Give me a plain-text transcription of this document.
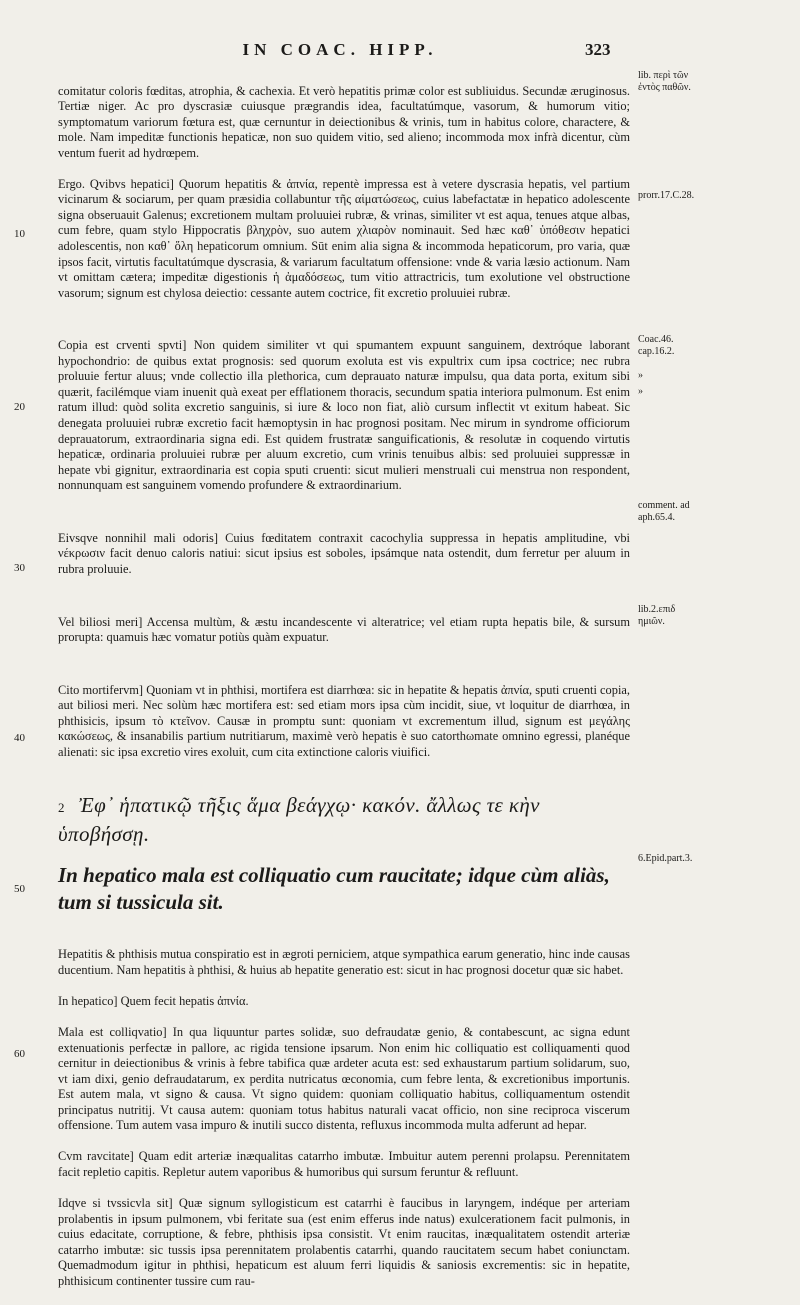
IN COAC. HIPP.	323
10
20
30
40
50
60
lib. περὶ τῶν
ἐντὸς παθῶν.
prorr.17.C.28.
Coac.46.
cap.16.2.
»
»
comment. ad
aph.65.4.
lib.2.επιδ
ημιῶν.
6.Epid.part.3.

comitatur coloris fœditas, atrophia, & cachexia. Et verò hepatitis primæ color est subliuidus. Secundæ æruginosus. Tertiæ niger. Ac pro dyscrasiæ cuiusque prægrandis idea, facultatúmque, vasorum, & humorum vitio; symptomatum variorum fœtura est, quæ cernuntur in deiectionibus & vrinis, tum in habitus colore, charactere, & mole. Nam impeditæ functionis hepaticæ, non suo quidem vitio, sed alieno; incommoda mox infrà dicentur, cùm ventum fuerit ad hydrœpem.

Ergo. Qvibvs hepatici] Quorum hepatitis & ἀπνία, repentè impressa est à vetere dyscrasia hepatis, vel partium vicinarum & sociarum, per quam præsidia collabuntur τῆς αἱματώσεως, cuius labefactatæ in hepatico adolescente signa obseruauit Galenus; excretionem multam proluuiei rubræ, & vrinas, similiter vt est aqua, tenues atque albas, cum febre, quam stylo Hippocratis βληχρὸν, suo autem χλιαρὸν nominauit. Sed hæc καθ᾽ ὑπόθεσιν hepatici adolescentis, non καθ᾽ ὅλη hepaticorum omnium. Sūt enim alia signa & incommoda hepaticorum, pro varia, quæ ipsos facit, virtutis facultatúmque dyscrasia, & variarum facultatum offensione: vnde & varia læsio actionum. Nam vt omittam cætera; impeditæ digestionis ἡ ἀμαδόσεως, tum vitio attractricis, tum exolutione vel obstructione vasorum; signum est chylosa deiectio: cessante autem coctrice, fit excretio proluuiei rubræ.

Copia est crventi spvti] Non quidem similiter vt qui spumantem expuunt sanguinem, dextróque laborant hypochondrio: de quibus extat prognosis: sed quorum exoluta est vis expultrix cum ipsa coctrice; nec rubra proluuie fertur aluus; vnde collectio illa plethorica, cum deprauato naturæ impulsu, qua data porta, exitum sibi quærit, facilémque viam inuenit quà exeat per efflationem thoracis, secundum spatia interiora pulmonum. Est enim ratum illud: quòd solita excretio sanguinis, si iure & loco non fiat, aliò cursum inflectit vt exitum habeat. Sic denegata proluuiei rubræ excretio facit hæmoptysin in hac prognosi positam. Nec mirum in syndrome officiorum deprauatorum, extraordinaria signa edi. Est quidem frustratæ sanguificationis, & resolutæ in coquendo virtutis hepaticæ, ordinaria proluuiei rubræ per aluum excretio, cum vrinis tenuibus albis: sed proluuiei suppressæ in hepate vbi gignitur, extraordinaria est copia sputi cruenti: sicut mulieri menstruali cui menstrua non respondent, nonnunquam est sanguinem vomendo profundere & extraordinarium.

Eivsqve nonnihil mali odoris] Cuius fœditatem contraxit cacochylia suppressa in hepatis amplitudine, vbi νέκρωσιν facit denuo caloris natiui: sicut ipsius est soboles, ipsámque nata ostendit, dum ferretur per aluum in rubra proluuie.

Vel biliosi meri] Accensa multùm, & æstu incandescente vi alteratrice; vel etiam rupta hepatis bile, & sursum prorupta: quamuis hæc vomatur potiùs quàm expuatur.

Cito mortifervm] Quoniam vt in phthisi, mortifera est diarrhœa: sic in hepatite & hepatis ἀπνία, sputi cruenti copia, aut biliosi meri. Nec solùm hæc mortifera est: sed etiam mors ipsa cùm incidit, siue, vt loquitur de diarrhœa, in phthisicis, ipsum τὸ κτεῖνον. Causæ in promptu sunt: quoniam vt excrementum illud, signum est μεγάλης κακώσεως, & insanabilis partium nutritiarum, maximè verò hepatis è suo catorthωmate omnino egressi, planéque alienati: sic ipsa excretio vires exoluit, cum cita extinctione caloris viuifici.

2 Ἐφ᾽ ἡπατικῷ τῆξις ἅμα βεάγχῳ· κακόν. ἄλλως τε κὴν ὑποβήσσῃ.

In hepatico mala est colliquatio cum raucitate; idque cùm aliàs, tum si tussicula sit.

Hepatitis & phthisis mutua conspiratio est in ægroti perniciem, atque sympathica earum generatio, hinc inde causas ducentium. Nam hepatitis à phthisi, & huius ab hepatite generatio est: sicut in hac prognosi docetur quæ sic habet.

In hepatico] Quem fecit hepatis ἀπνία.

Mala est colliqvatio] In qua liquuntur partes solidæ, suo defraudatæ genio, & contabescunt, ac signa edunt extenuationis perfectæ in pallore, ac rigida tensione ipsarum. Non enim hic colliquatio est colliquamenti quod cernitur in deiectionibus & vrinis à febre tabifica quæ ardeter acuta est: sed exhaustarum partium solidarum, suo, vt iam dixi, genio defraudatarum, ex perdita nutricatus œconomia, cum febre lenta, & excretionibus importunis. Est autem mala, vt signo & causa. Vt signo quidem: quoniam colliquatio habitus, colliquamentum ostendit principatus nutritij. Vt causa autem: quoniam totus habitus naturali vacat officio, non sine reciproca viscerum offensione. Tum autem vasa impuro & inutili succo distenta, refluxus incommoda multa adferunt ad hepar.

Cvm ravcitate] Quam edit arteriæ inæqualitas catarrho imbutæ. Imbuitur autem perenni prolapsu. Perennitatem facit repletio capitis. Repletur autem vaporibus & humoribus qui sursum feruntur & refluunt.

Idqve si tvssicvla sit] Quæ signum syllogisticum est catarrhi è faucibus in laryngem, indéque per arteriam prolabentis in ipsum pulmonem, vbi feritate sua (est enim efferus inde natus) exulcerationem facit pulmonis, in cuius edacitate, corruptione, & febre, phthisis ipsa consistit. Vt enim raucitas, inæqualitatem ostendit arteriæ catarrho imbutæ: sic tussis ipsa perennitatem prolabentis catarrhi, quando raucitatem secum habet coniunctam. Quemadmodum igitur in phthisi, hepaticum est aluum ferri liquidis & saniosis excrementis: sic in hepatite, phthisicum continenter tussire cum rau-
